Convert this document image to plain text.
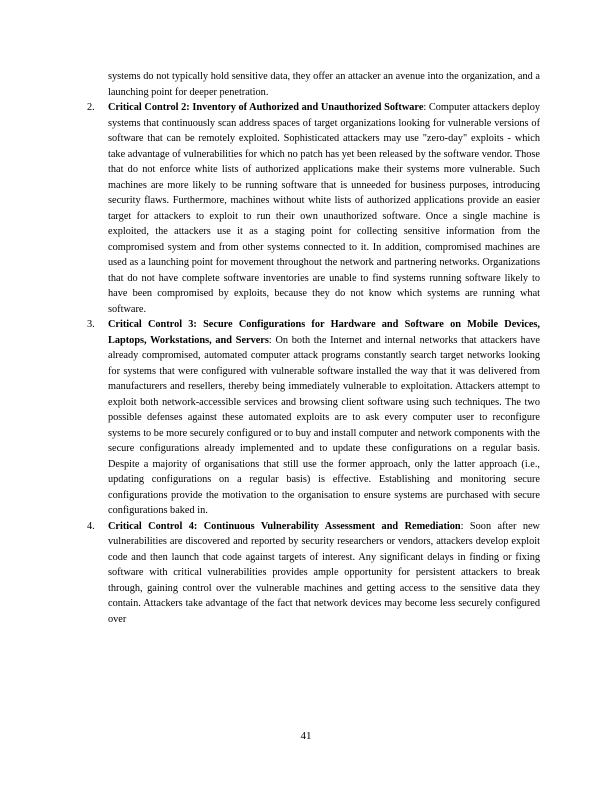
systems do not typically hold sensitive data, they offer an attacker an avenue into the organization, and a launching point for deeper penetration.

2. Critical Control 2: Inventory of Authorized and Unauthorized Software: Computer attackers deploy systems that continuously scan address spaces of target organizations looking for vulnerable versions of software that can be remotely exploited. Sophisticated attackers may use "zero-day" exploits - which take advantage of vulnerabilities for which no patch has yet been released by the software vendor. Those that do not enforce white lists of authorized applications make their systems more vulnerable. Such machines are more likely to be running software that is unneeded for business purposes, introducing security flaws. Furthermore, machines without white lists of authorized applications provide an easier target for attackers to exploit to run their own unauthorized software. Once a single machine is exploited, the attackers use it as a staging point for collecting sensitive information from the compromised system and from other systems connected to it. In addition, compromised machines are used as a launching point for movement throughout the network and partnering networks. Organizations that do not have complete software inventories are unable to find systems running software likely to have been compromised by exploits, because they do not know which systems are running what software.

3. Critical Control 3: Secure Configurations for Hardware and Software on Mobile Devices, Laptops, Workstations, and Servers: On both the Internet and internal networks that attackers have already compromised, automated computer attack programs constantly search target networks looking for systems that were configured with vulnerable software installed the way that it was delivered from manufacturers and resellers, thereby being immediately vulnerable to exploitation. Attackers attempt to exploit both network-accessible services and browsing client software using such techniques. The two possible defenses against these automated exploits are to ask every computer user to reconfigure systems to be more securely configured or to buy and install computer and network components with the secure configurations already implemented and to update these configurations on a regular basis. Despite a majority of organisations that still use the former approach, only the latter approach (i.e., updating configurations on a regular basis) is effective. Establishing and monitoring secure configurations provide the motivation to the organisation to ensure systems are purchased with secure configurations baked in.

4. Critical Control 4: Continuous Vulnerability Assessment and Remediation: Soon after new vulnerabilities are discovered and reported by security researchers or vendors, attackers develop exploit code and then launch that code against targets of interest. Any significant delays in finding or fixing software with critical vulnerabilities provides ample opportunity for persistent attackers to break through, gaining control over the vulnerable machines and getting access to the sensitive data they contain. Attackers take advantage of the fact that network devices may become less securely configured over

41
